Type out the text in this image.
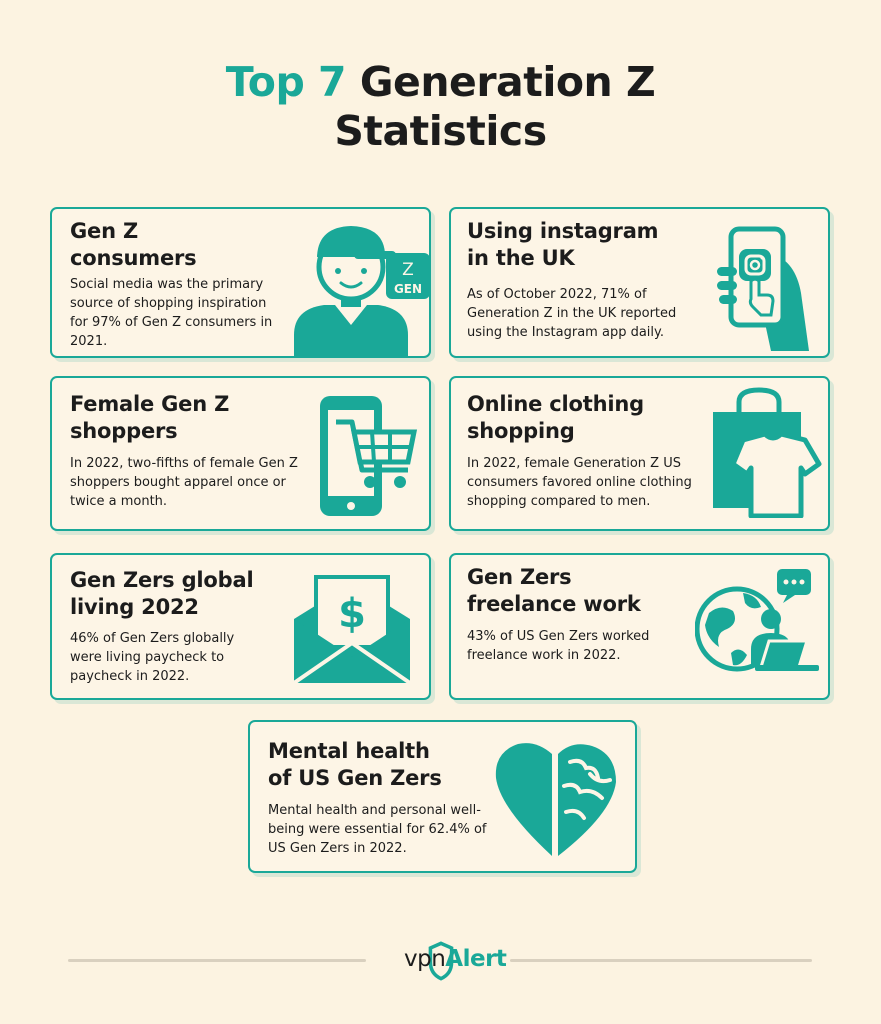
Top 7 Generation Z
Statistics
Gen Z
consumers

Social media was the primary source of shopping inspiration for 97% of Gen Z consumers in 2021.

Z
GEN
Using instagram
in the UK

As of October 2022, 71% of Generation Z in the UK reported using the Instagram app daily.

Female Gen Z
shoppers

In 2022, two-fifths of female Gen Z shoppers bought apparel once or twice a month.

Online clothing
shopping

In 2022, female Generation Z US consumers favored online clothing shopping compared to men.

Gen Zers global
living 2022

46% of Gen Zers globally were living paycheck to paycheck in 2022.

$
Gen Zers
freelance work

43% of US Gen Zers worked freelance work in 2022.

Mental health
of US Gen Zers

Mental health and personal well-being were essential for 62.4% of US Gen Zers in 2022.

vpnAlert
